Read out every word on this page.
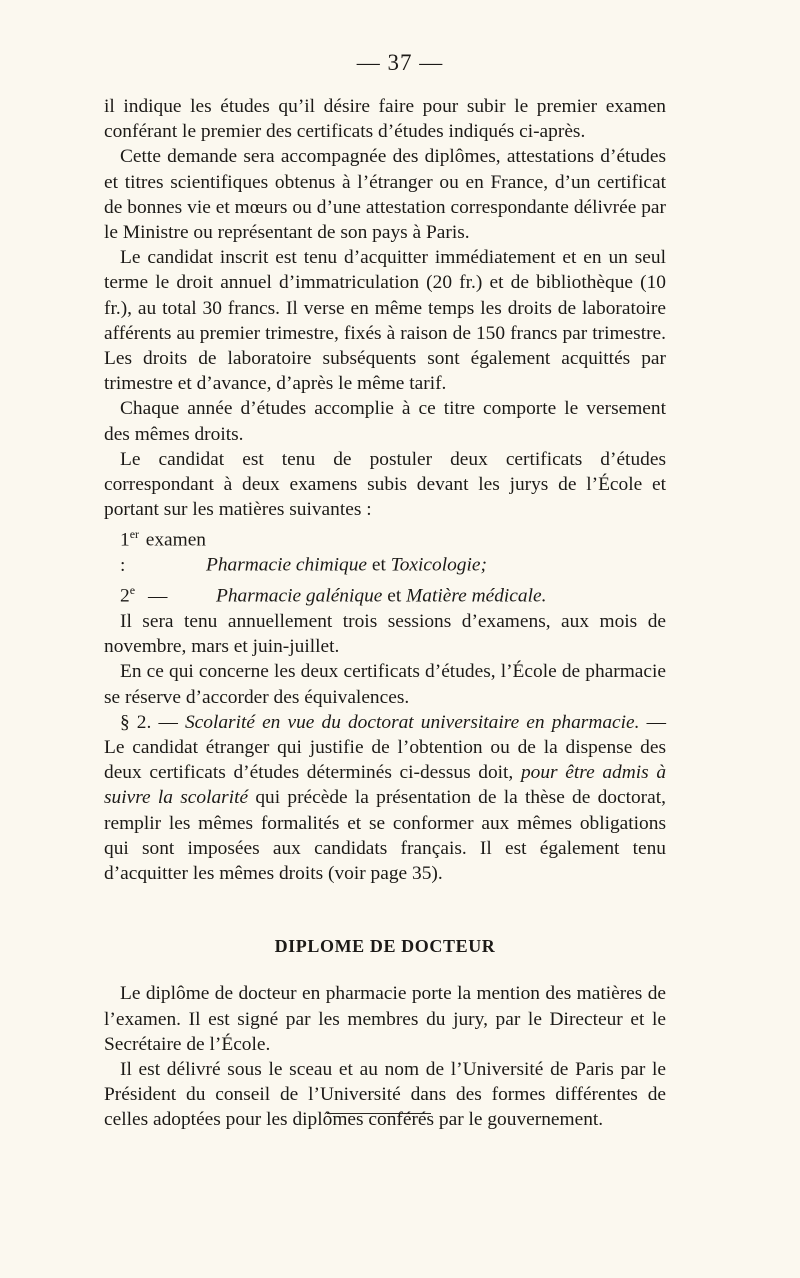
— 37 —

il indique les études qu’il désire faire pour subir le premier examen conférant le premier des certificats d’études indiqués ci-après.

Cette demande sera accompagnée des diplômes, attestations d’études et titres scientifiques obtenus à l’étranger ou en France, d’un certificat de bonnes vie et mœurs ou d’une attestation correspondante délivrée par le Ministre ou représentant de son pays à Paris.

Le candidat inscrit est tenu d’acquitter immédiatement et en un seul terme le droit annuel d’immatriculation (20 fr.) et de bibliothèque (10 fr.), au total 30 francs. Il verse en même temps les droits de laboratoire afférents au premier trimestre, fixés à raison de 150 francs par trimestre. Les droits de laboratoire subséquents sont également acquittés par trimestre et d’avance, d’après le même tarif.

Chaque année d’études accomplie à ce titre comporte le versement des mêmes droits.

Le candidat est tenu de postuler deux certificats d’études correspondant à deux examens subis devant les jurys de l’École et portant sur les matières suivantes :

1er examen :	Pharmacie chimique et Toxicologie;

2e —	Pharmacie galénique et Matière médicale.

Il sera tenu annuellement trois sessions d’examens, aux mois de novembre, mars et juin-juillet.

En ce qui concerne les deux certificats d’études, l’École de pharmacie se réserve d’accorder des équivalences.

§ 2. — Scolarité en vue du doctorat universitaire en pharmacie. — Le candidat étranger qui justifie de l’obtention ou de la dispense des deux certificats d’études déterminés ci-dessus doit, pour être admis à suivre la scolarité qui précède la présentation de la thèse de doctorat, remplir les mêmes formalités et se conformer aux mêmes obligations qui sont imposées aux candidats français. Il est également tenu d’acquitter les mêmes droits (voir page 35).

DIPLOME DE DOCTEUR

Le diplôme de docteur en pharmacie porte la mention des matières de l’examen. Il est signé par les membres du jury, par le Directeur et le Secrétaire de l’École.

Il est délivré sous le sceau et au nom de l’Université de Paris par le Président du conseil de l’Université dans des formes différentes de celles adoptées pour les diplômes conférés par le gouvernement.
